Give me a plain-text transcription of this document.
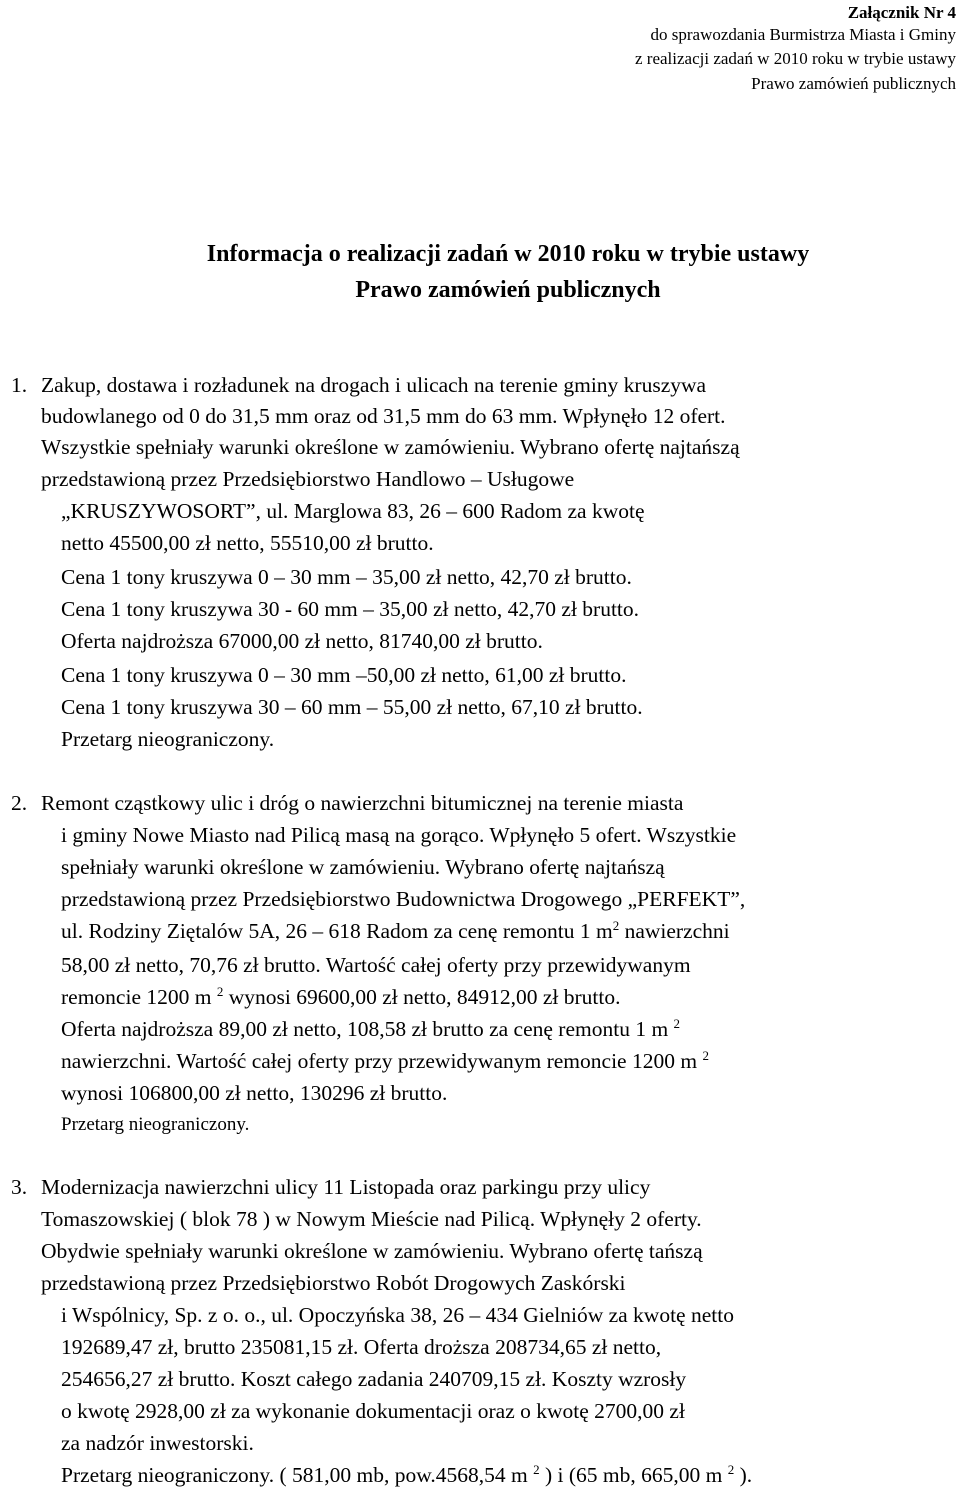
Załącznik Nr 4
do sprawozdania Burmistrza Miasta i Gminy
z realizacji zadań w 2010 roku w trybie ustawy
Prawo zamówień publicznych
Informacja o realizacji zadań w 2010 roku w trybie ustawy
Prawo zamówień publicznych
1. Zakup, dostawa i rozładunek na drogach i ulicach na terenie gminy kruszywa
budowlanego od 0 do 31,5 mm oraz od 31,5 mm do 63 mm. Wpłynęło 12 ofert.
Wszystkie spełniały warunki określone w zamówieniu. Wybrano ofertę najtańszą
przedstawioną przez Przedsiębiorstwo Handlowo – Usługowe
„KRUSZYWOSORT”, ul. Marglowa 83, 26 – 600 Radom za kwotę
netto 45500,00 zł netto, 55510,00 zł brutto.
Cena 1 tony kruszywa 0 – 30 mm – 35,00 zł netto, 42,70 zł brutto.
Cena 1 tony kruszywa 30 - 60 mm – 35,00 zł netto, 42,70 zł brutto.
Oferta najdroższa 67000,00 zł netto, 81740,00 zł brutto.
Cena 1 tony kruszywa 0 – 30 mm –50,00 zł netto, 61,00 zł brutto.
Cena 1 tony kruszywa 30 – 60 mm – 55,00 zł netto, 67,10 zł brutto.
Przetarg nieograniczony.
2. Remont cząstkowy ulic i dróg o nawierzchni bitumicznej na terenie miasta
i gminy Nowe Miasto nad Pilicą masą na gorąco. Wpłynęło 5 ofert. Wszystkie
spełniały warunki określone w zamówieniu. Wybrano ofertę najtańszą
przedstawioną przez Przedsiębiorstwo Budownictwa Drogowego „PERFEKT”,
ul. Rodziny Ziętalów 5A, 26 – 618 Radom za cenę remontu 1 $m^2$ nawierzchni
58,00 zł netto, 70,76 zł brutto. Wartość całej oferty przy przewidywanym
remoncie 1200 m $^2$ wynosi 69600,00 zł netto, 84912,00 zł brutto.
Oferta najdroższa 89,00 zł netto, 108,58 zł brutto za cenę remontu 1 m $^2$
nawierzchni. Wartość całej oferty przy przewidywanym remoncie 1200 m $^2$
wynosi 106800,00 zł netto, 130296 zł brutto.
Przetarg nieograniczony.
3. Modernizacja nawierzchni ulicy 11 Listopada oraz parkingu przy ulicy
Tomaszowskiej ( blok 78 ) w Nowym Mieście nad Pilicą. Wpłynęły 2 oferty.
Obydwie spełniały warunki określone w zamówieniu. Wybrano ofertę tańszą
przedstawioną przez Przedsiębiorstwo Robót Drogowych Zaskórski
i Wspólnicy, Sp. z o. o., ul. Opoczyńska 38, 26 – 434 Gielniów za kwotę netto
192689,47 zł, brutto 235081,15 zł. Oferta droższa 208734,65 zł netto,
254656,27 zł brutto. Koszt całego zadania 240709,15 zł. Koszty wzrosły
o kwotę 2928,00 zł za wykonanie dokumentacji oraz o kwotę 2700,00 zł
za nadzór inwestorski.
Przetarg nieograniczony. ( 581,00 mb, pow.4568,54 m $^2$ ) i (65 mb, 665,00 m $^2$ ).
